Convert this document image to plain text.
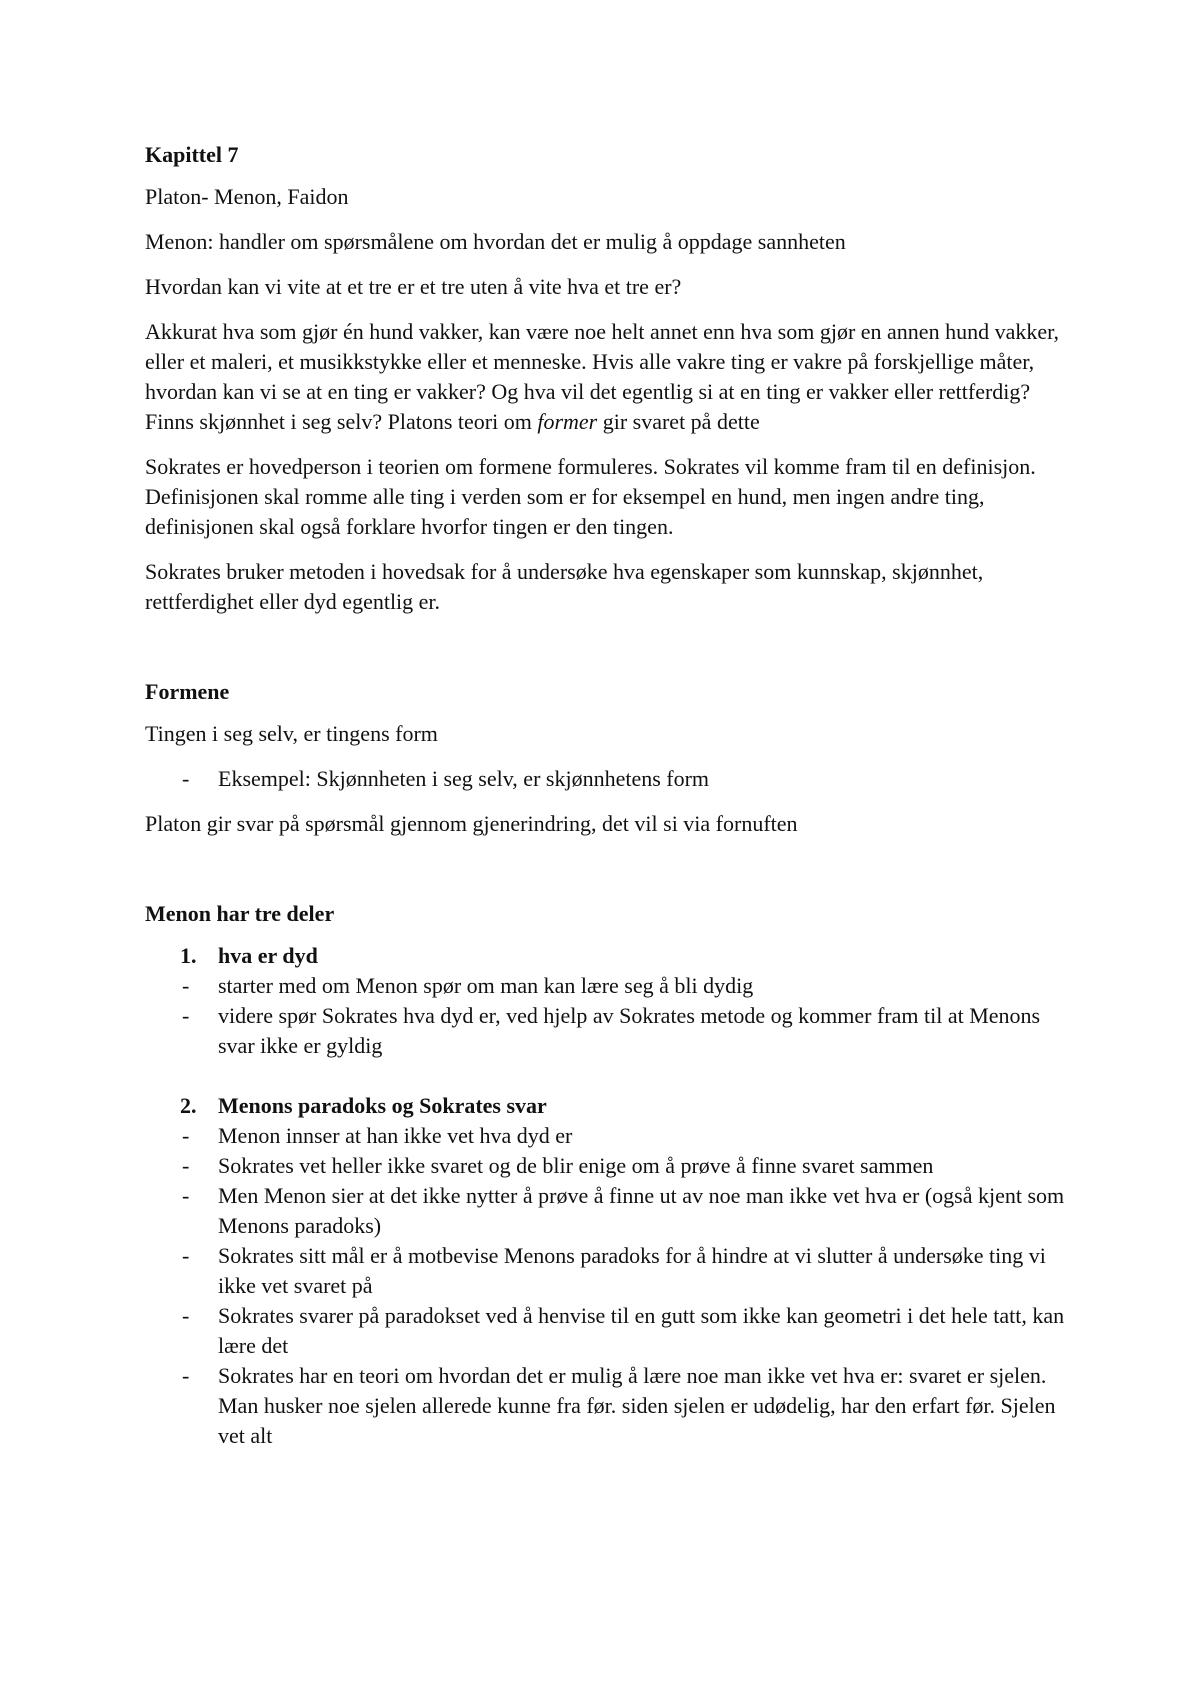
Kapittel 7

Platon- Menon, Faidon

Menon: handler om spørsmålene om hvordan det er mulig å oppdage sannheten

Hvordan kan vi vite at et tre er et tre uten å vite hva et tre er?

Akkurat hva som gjør én hund vakker, kan være noe helt annet enn hva som gjør en annen hund vakker, eller et maleri, et musikkstykke eller et menneske. Hvis alle vakre ting er vakre på forskjellige måter, hvordan kan vi se at en ting er vakker? Og hva vil det egentlig si at en ting er vakker eller rettferdig? Finns skjønnhet i seg selv? Platons teori om former gir svaret på dette

Sokrates er hovedperson i teorien om formene formuleres. Sokrates vil komme fram til en definisjon. Definisjonen skal romme alle ting i verden som er for eksempel en hund, men ingen andre ting, definisjonen skal også forklare hvorfor tingen er den tingen.

Sokrates bruker metoden i hovedsak for å undersøke hva egenskaper som kunnskap, skjønnhet, rettferdighet eller dyd egentlig er.

Formene

Tingen i seg selv, er tingens form

- Eksempel: Skjønnheten i seg selv, er skjønnhetens form

Platon gir svar på spørsmål gjennom gjenerindring, det vil si via fornuften

Menon har tre deler
1. hva er dyd
- starter med om Menon spør om man kan lære seg å bli dydig
- videre spør Sokrates hva dyd er, ved hjelp av Sokrates metode og kommer fram til at Menons svar ikke er gyldig
2. Menons paradoks og Sokrates svar
- Menon innser at han ikke vet hva dyd er
- Sokrates vet heller ikke svaret og de blir enige om å prøve å finne svaret sammen
- Men Menon sier at det ikke nytter å prøve å finne ut av noe man ikke vet hva er (også kjent som Menons paradoks)
- Sokrates sitt mål er å motbevise Menons paradoks for å hindre at vi slutter å undersøke ting vi ikke vet svaret på
- Sokrates svarer på paradokset ved å henvise til en gutt som ikke kan geometri i det hele tatt, kan lære det
- Sokrates har en teori om hvordan det er mulig å lære noe man ikke vet hva er: svaret er sjelen. Man husker noe sjelen allerede kunne fra før. siden sjelen er udødelig, har den erfart før. Sjelen vet alt
